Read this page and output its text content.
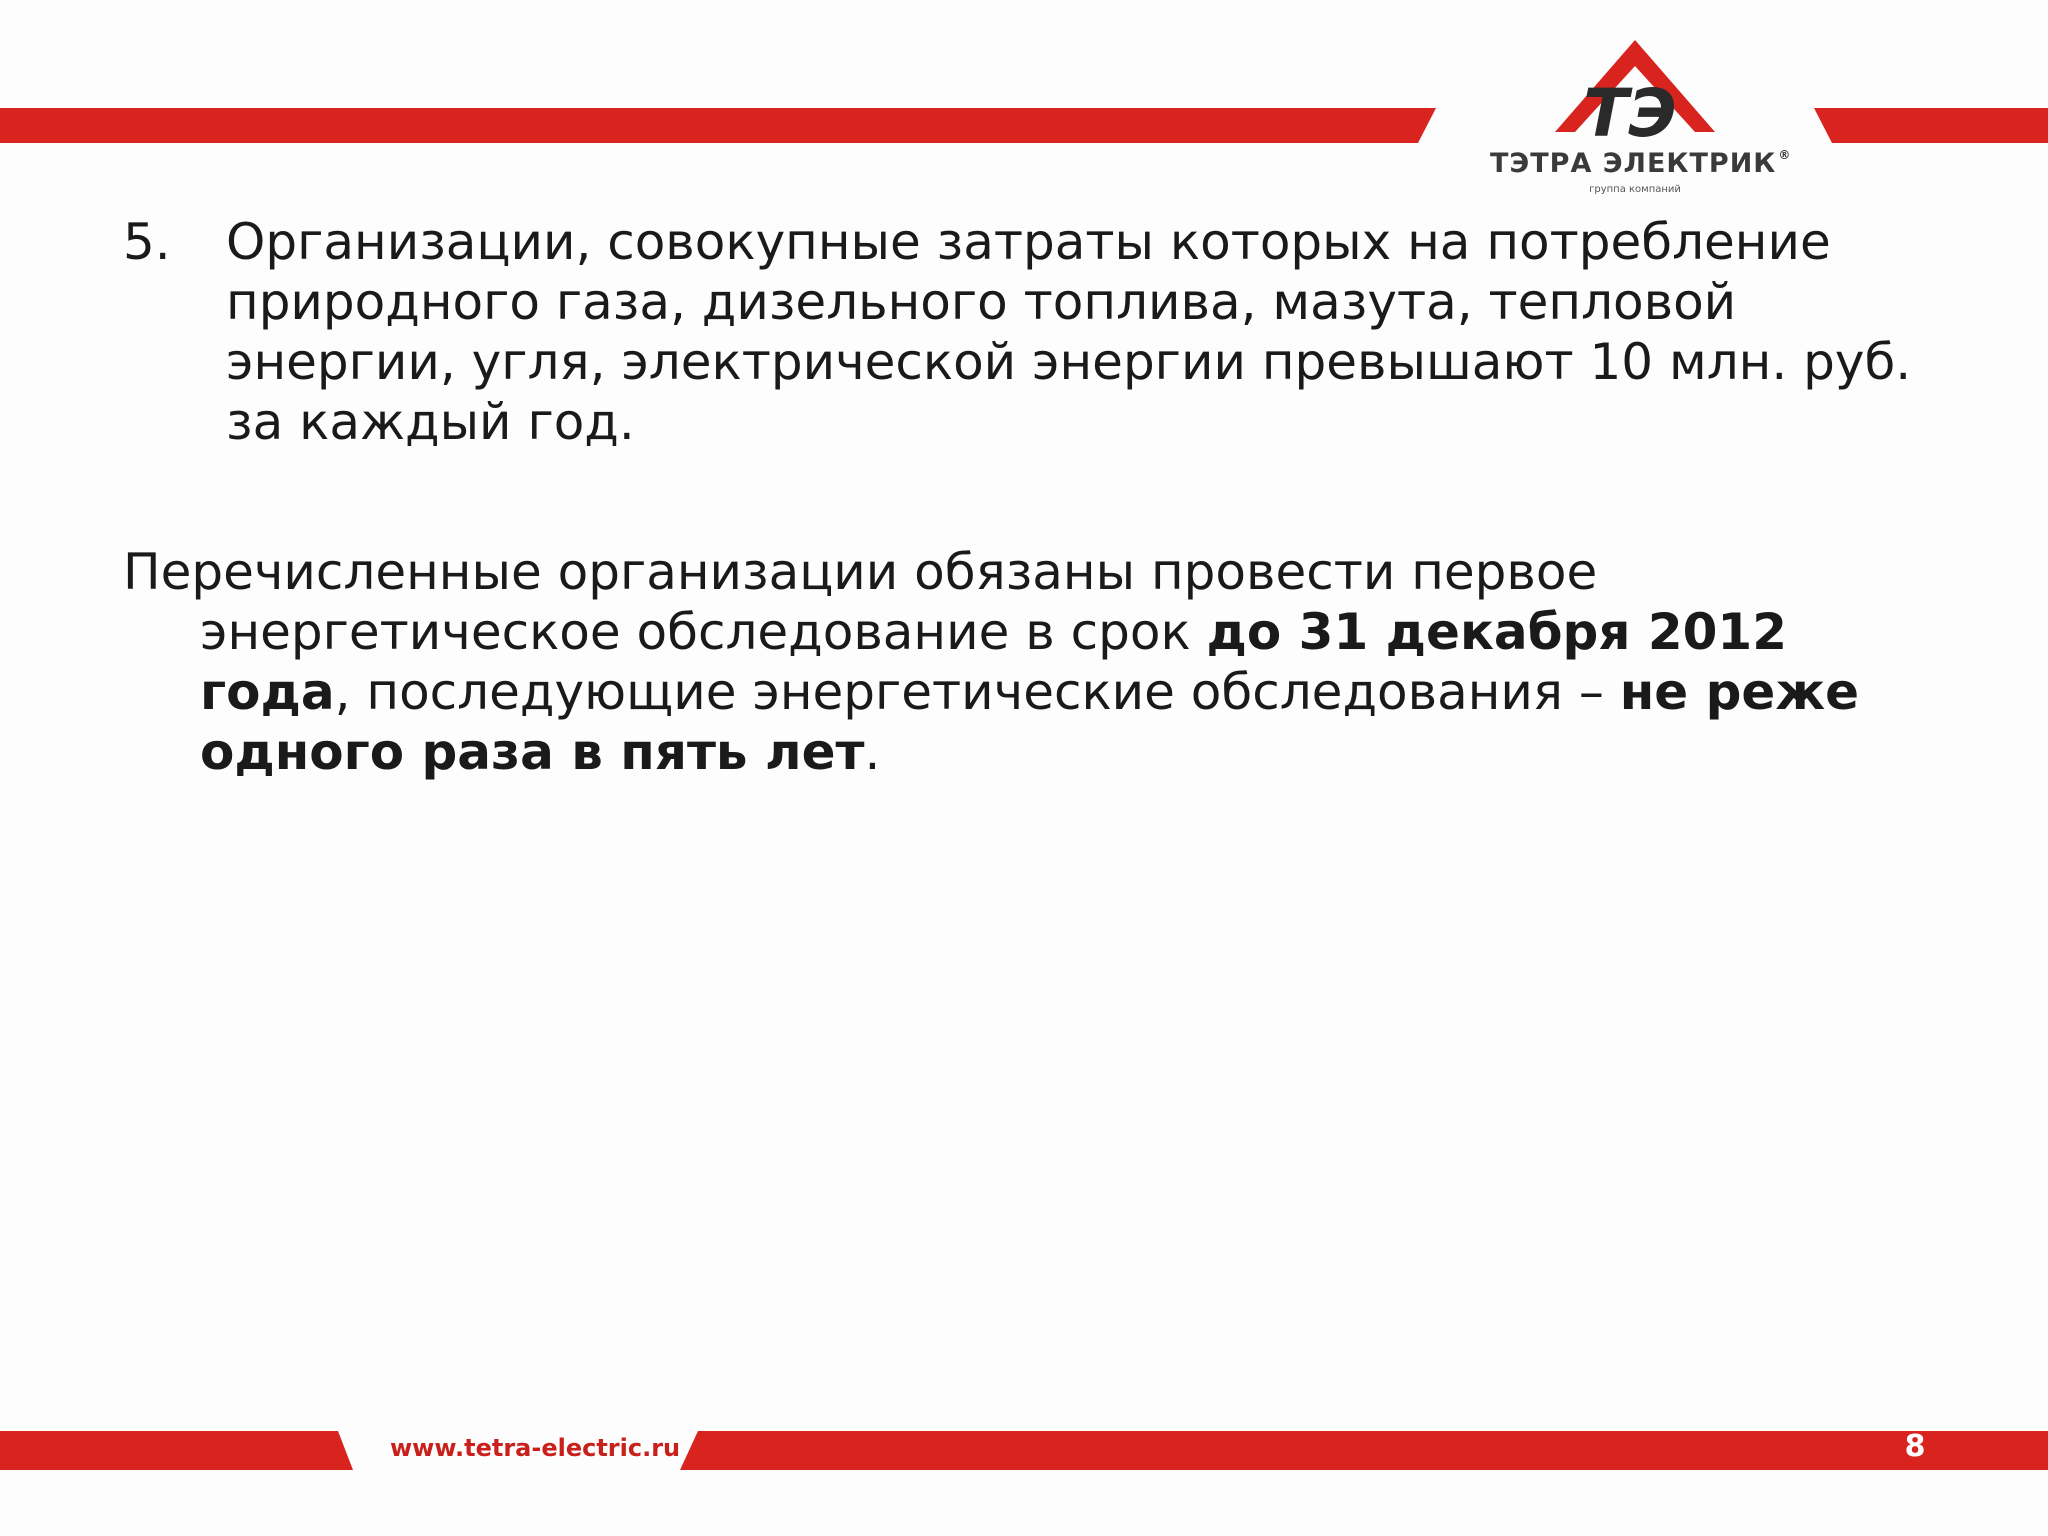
ТЭ
ТЭТРА ЭЛЕКТРИК ®
группа компаний
5. Организации, совокупные затраты которых на потребление природного газа, дизельного топлива, мазута, тепловой энергии, угля, электрической энергии превышают 10 млн. руб. за каждый год.
Перечисленные организации обязаны провести первое энергетическое обследование в срок до 31 декабря 2012 года, последующие энергетические обследования – не реже одного раза в пять лет.
www.tetra-electric.ru	8
